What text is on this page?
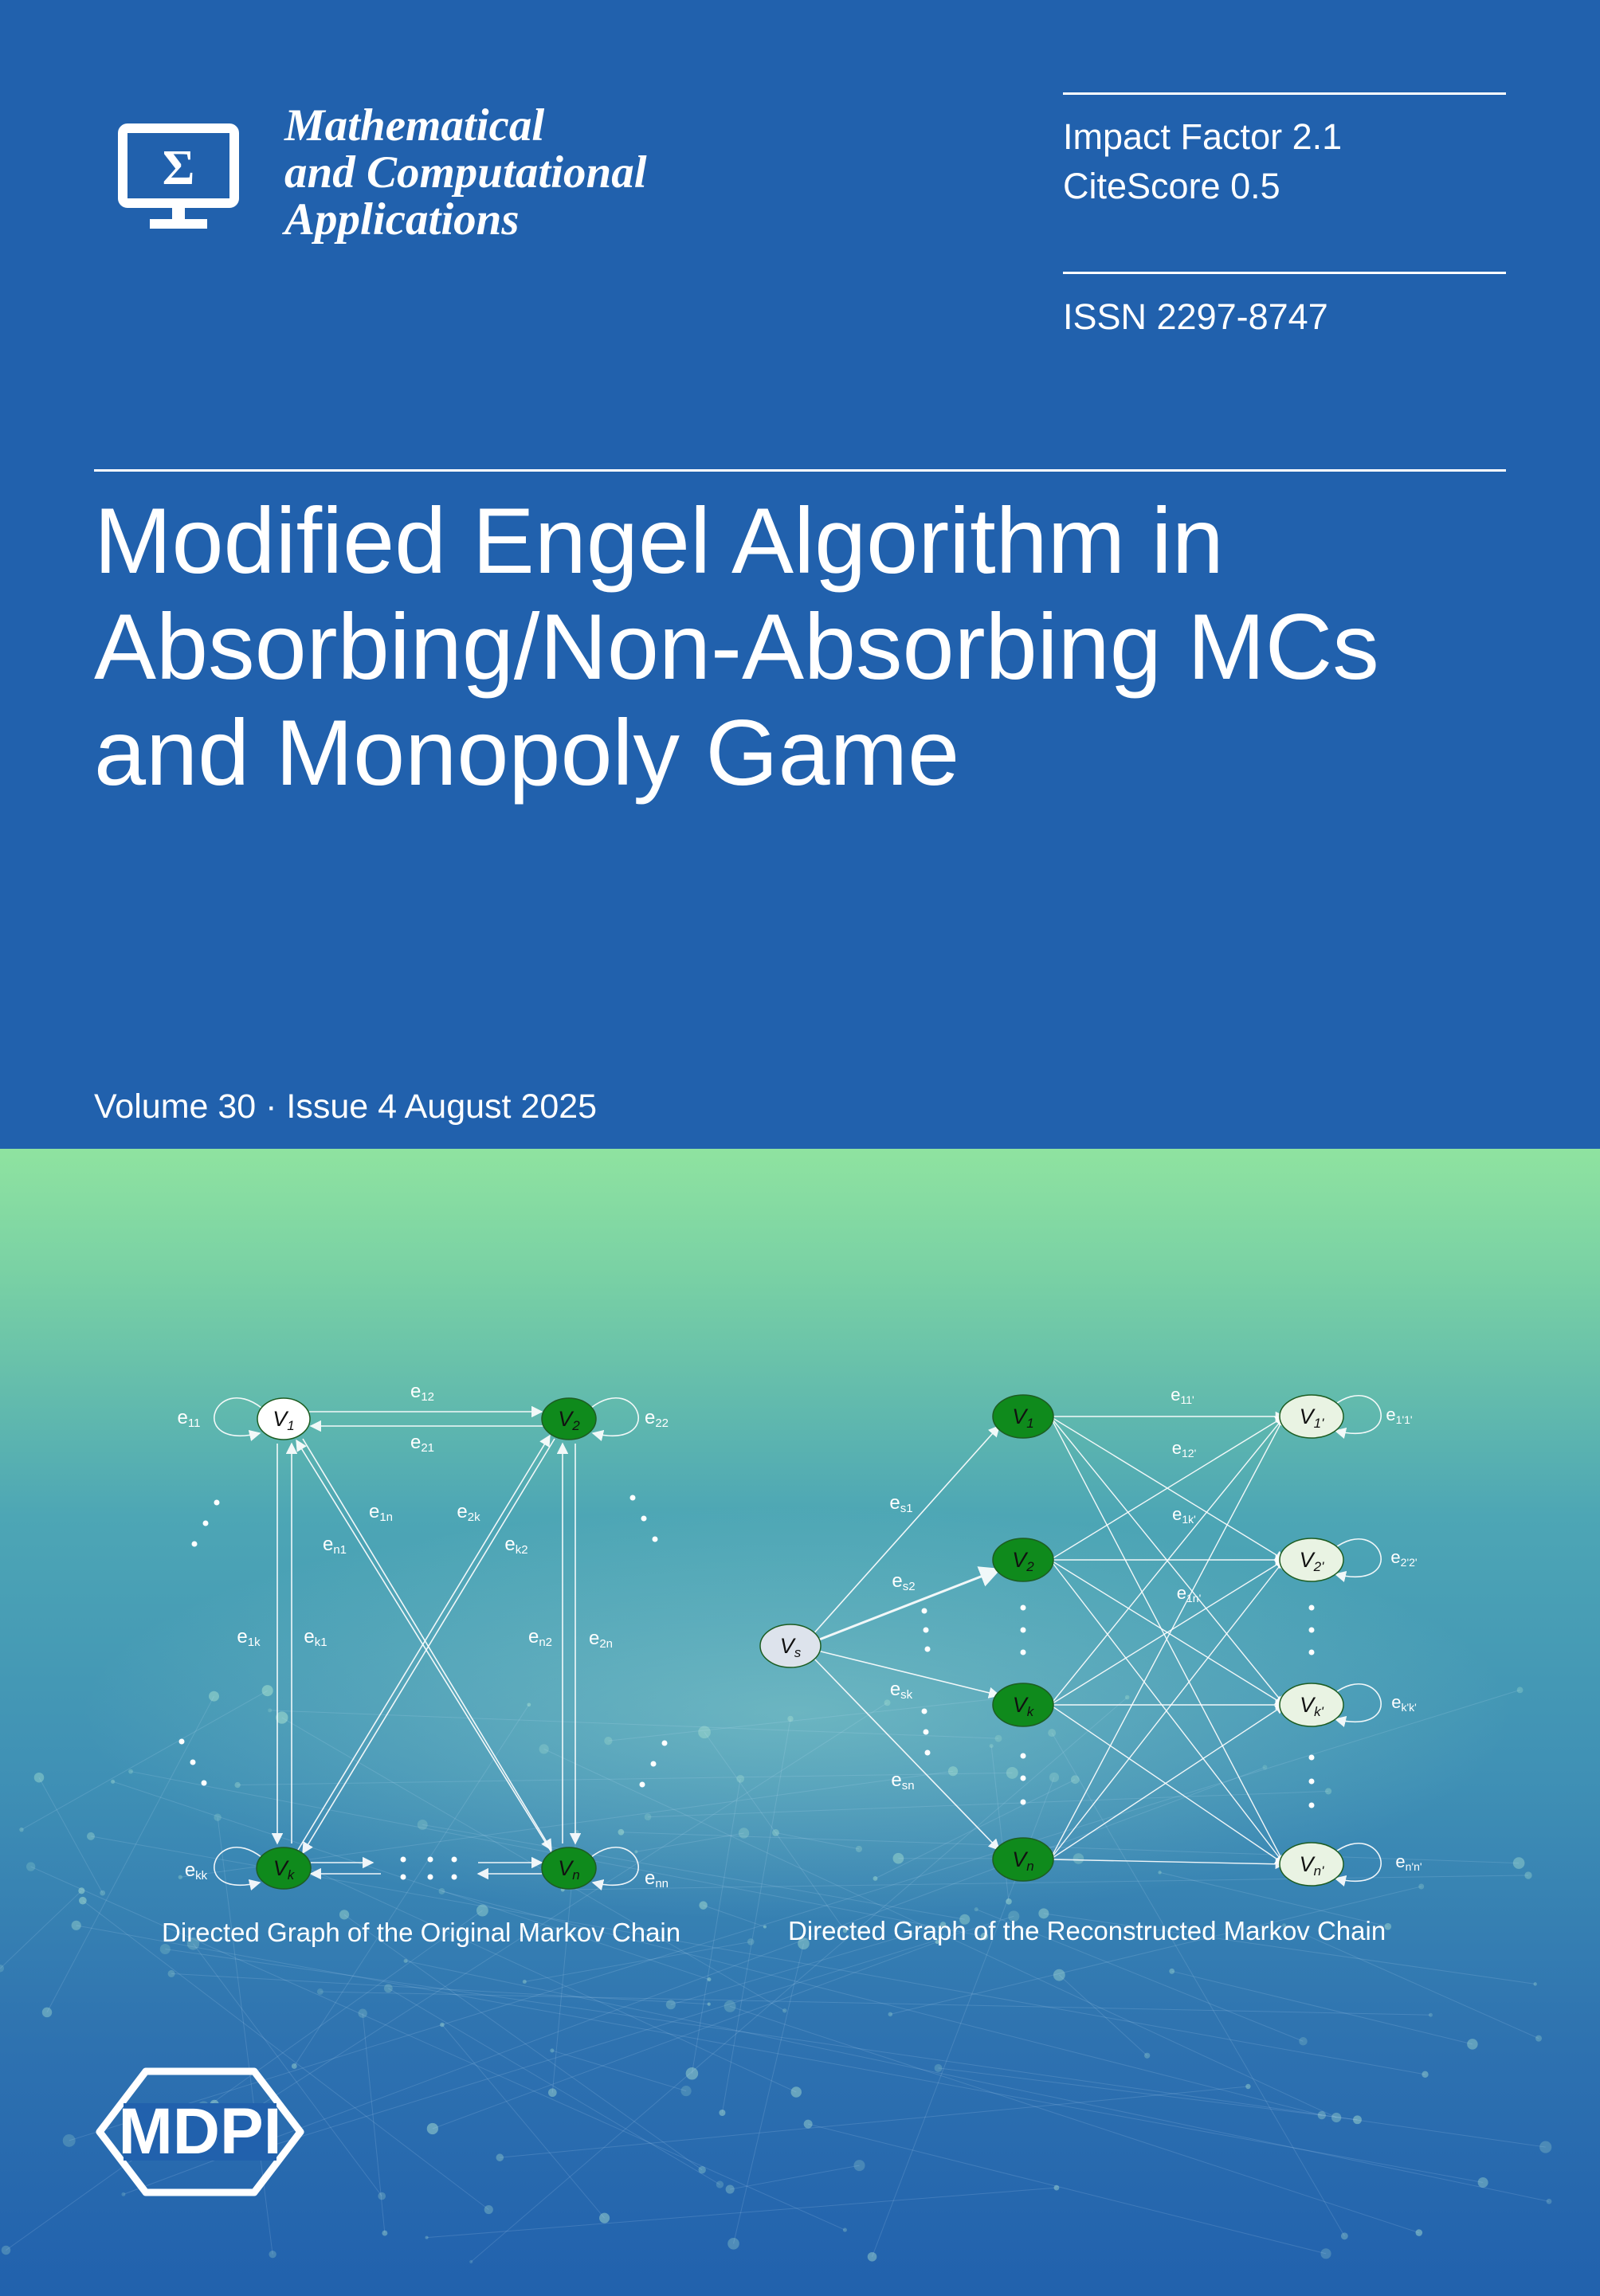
Σ
Mathematical
and Computational
Applications
Impact Factor 2.1
CiteScore 0.5
ISSN 2297-8747
Modified Engel Algorithm in
Absorbing/Non-Absorbing MCs
and Monopoly Game
Volume 30 · Issue 4 August 2025
V1	V2
Vk	Vn
e11
e12
e21
e22
e1n	e2k
en1	ek2
e1k ek1	en2 e2n
ekk	enn
Vs
V1
V2
Vk
Vn
V1'
V2'
Vk'
Vn'
es1
es2
esk
esn
e11'
e12'
e1k'
e1n'
e1'1'
e2'2'
ek'k'
en'n'
Directed Graph of the Original Markov Chain	Directed Graph of the Reconstructed Markov Chain
MDPI
